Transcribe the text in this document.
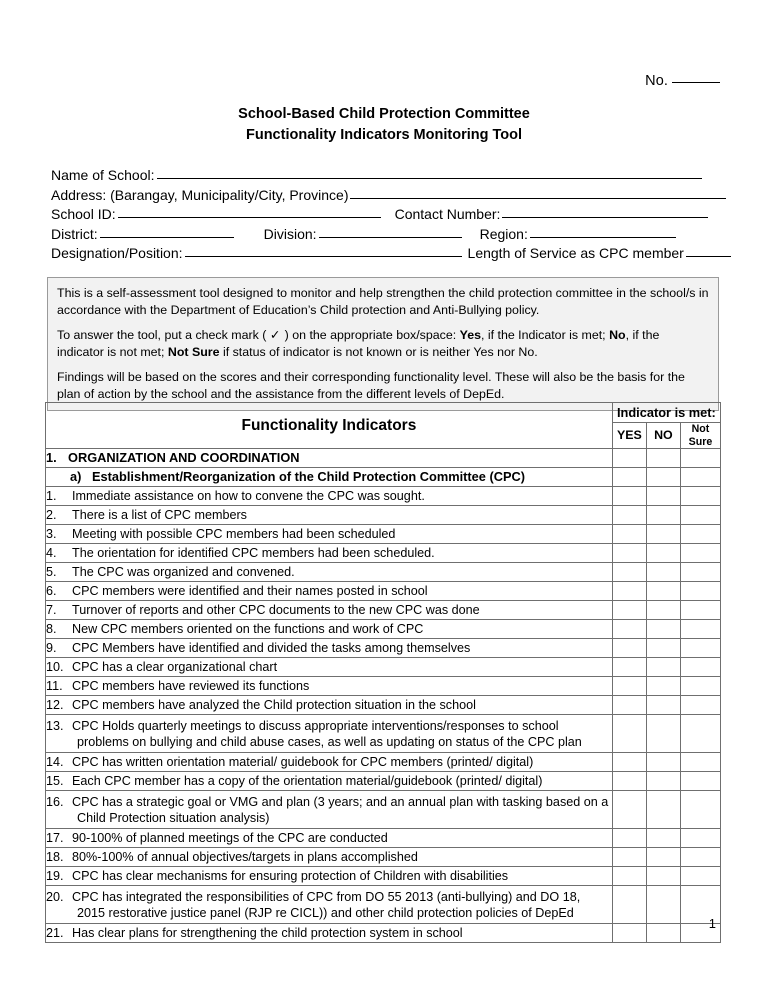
No.
School-Based Child Protection Committee
Functionality Indicators Monitoring Tool
Name of School:
Address: (Barangay, Municipality/City, Province)
School ID:	Contact Number:
District:	Division:	Region:
Designation/Position:	Length of Service as CPC member

This is a self-assessment tool designed to monitor and help strengthen the child protection committee in the school/s in accordance with the Department of Education’s Child protection and Anti-Bullying policy.

To answer the tool, put a check mark ( ✓ ) on the appropriate box/space: Yes, if the Indicator is met; No, if the indicator is not met; Not Sure if status of indicator is not known or is neither Yes nor No.

Findings will be based on the scores and their corresponding functionality level. These will also be the basis for the plan of action by the school and the assistance from the different levels of DepEd.

Functionality Indicators	Indicator is met:		
	YES	NO	Not Sure
1. ORGANIZATION AND COORDINATION			
a) Establishment/Reorganization of the Child Protection Committee (CPC)			

1. Immediate assistance on how to convene the CPC was sought.			

2. There is a list of CPC members			

3. Meeting with possible CPC members had been scheduled			

4. The orientation for identified CPC members had been scheduled.			

5. The CPC was organized and convened.			

6. CPC members were identified and their names posted in school			

7. Turnover of reports and other CPC documents to the new CPC was done			

8. New CPC members oriented on the functions and work of CPC			

9. CPC Members have identified and divided the tasks among themselves			

10. CPC has a clear organizational chart			

11. CPC members have reviewed its functions			

12. CPC members have analyzed the Child protection situation in the school			

13. CPC Holds quarterly meetings to discuss appropriate interventions/responses to school
problems on bullying and child abuse cases, as well as updating on status of the CPC plan			

14. CPC has written orientation material/ guidebook for CPC members (printed/ digital)			

15. Each CPC member has a copy of the orientation material/guidebook (printed/ digital)			

16. CPC has a strategic goal or VMG and plan (3 years; and an annual plan with tasking based on a
Child Protection situation analysis)			

17. 90-100% of planned meetings of the CPC are conducted			

18. 80%-100% of annual objectives/targets in plans accomplished			

19. CPC has clear mechanisms for ensuring protection of Children with disabilities			

20. CPC has integrated the responsibilities of CPC from DO 55 2013 (anti-bullying) and DO 18,
2015 restorative justice panel (RJP re CICL)) and other child protection policies of DepEd			

21. Has clear plans for strengthening the child protection system in school			

1
